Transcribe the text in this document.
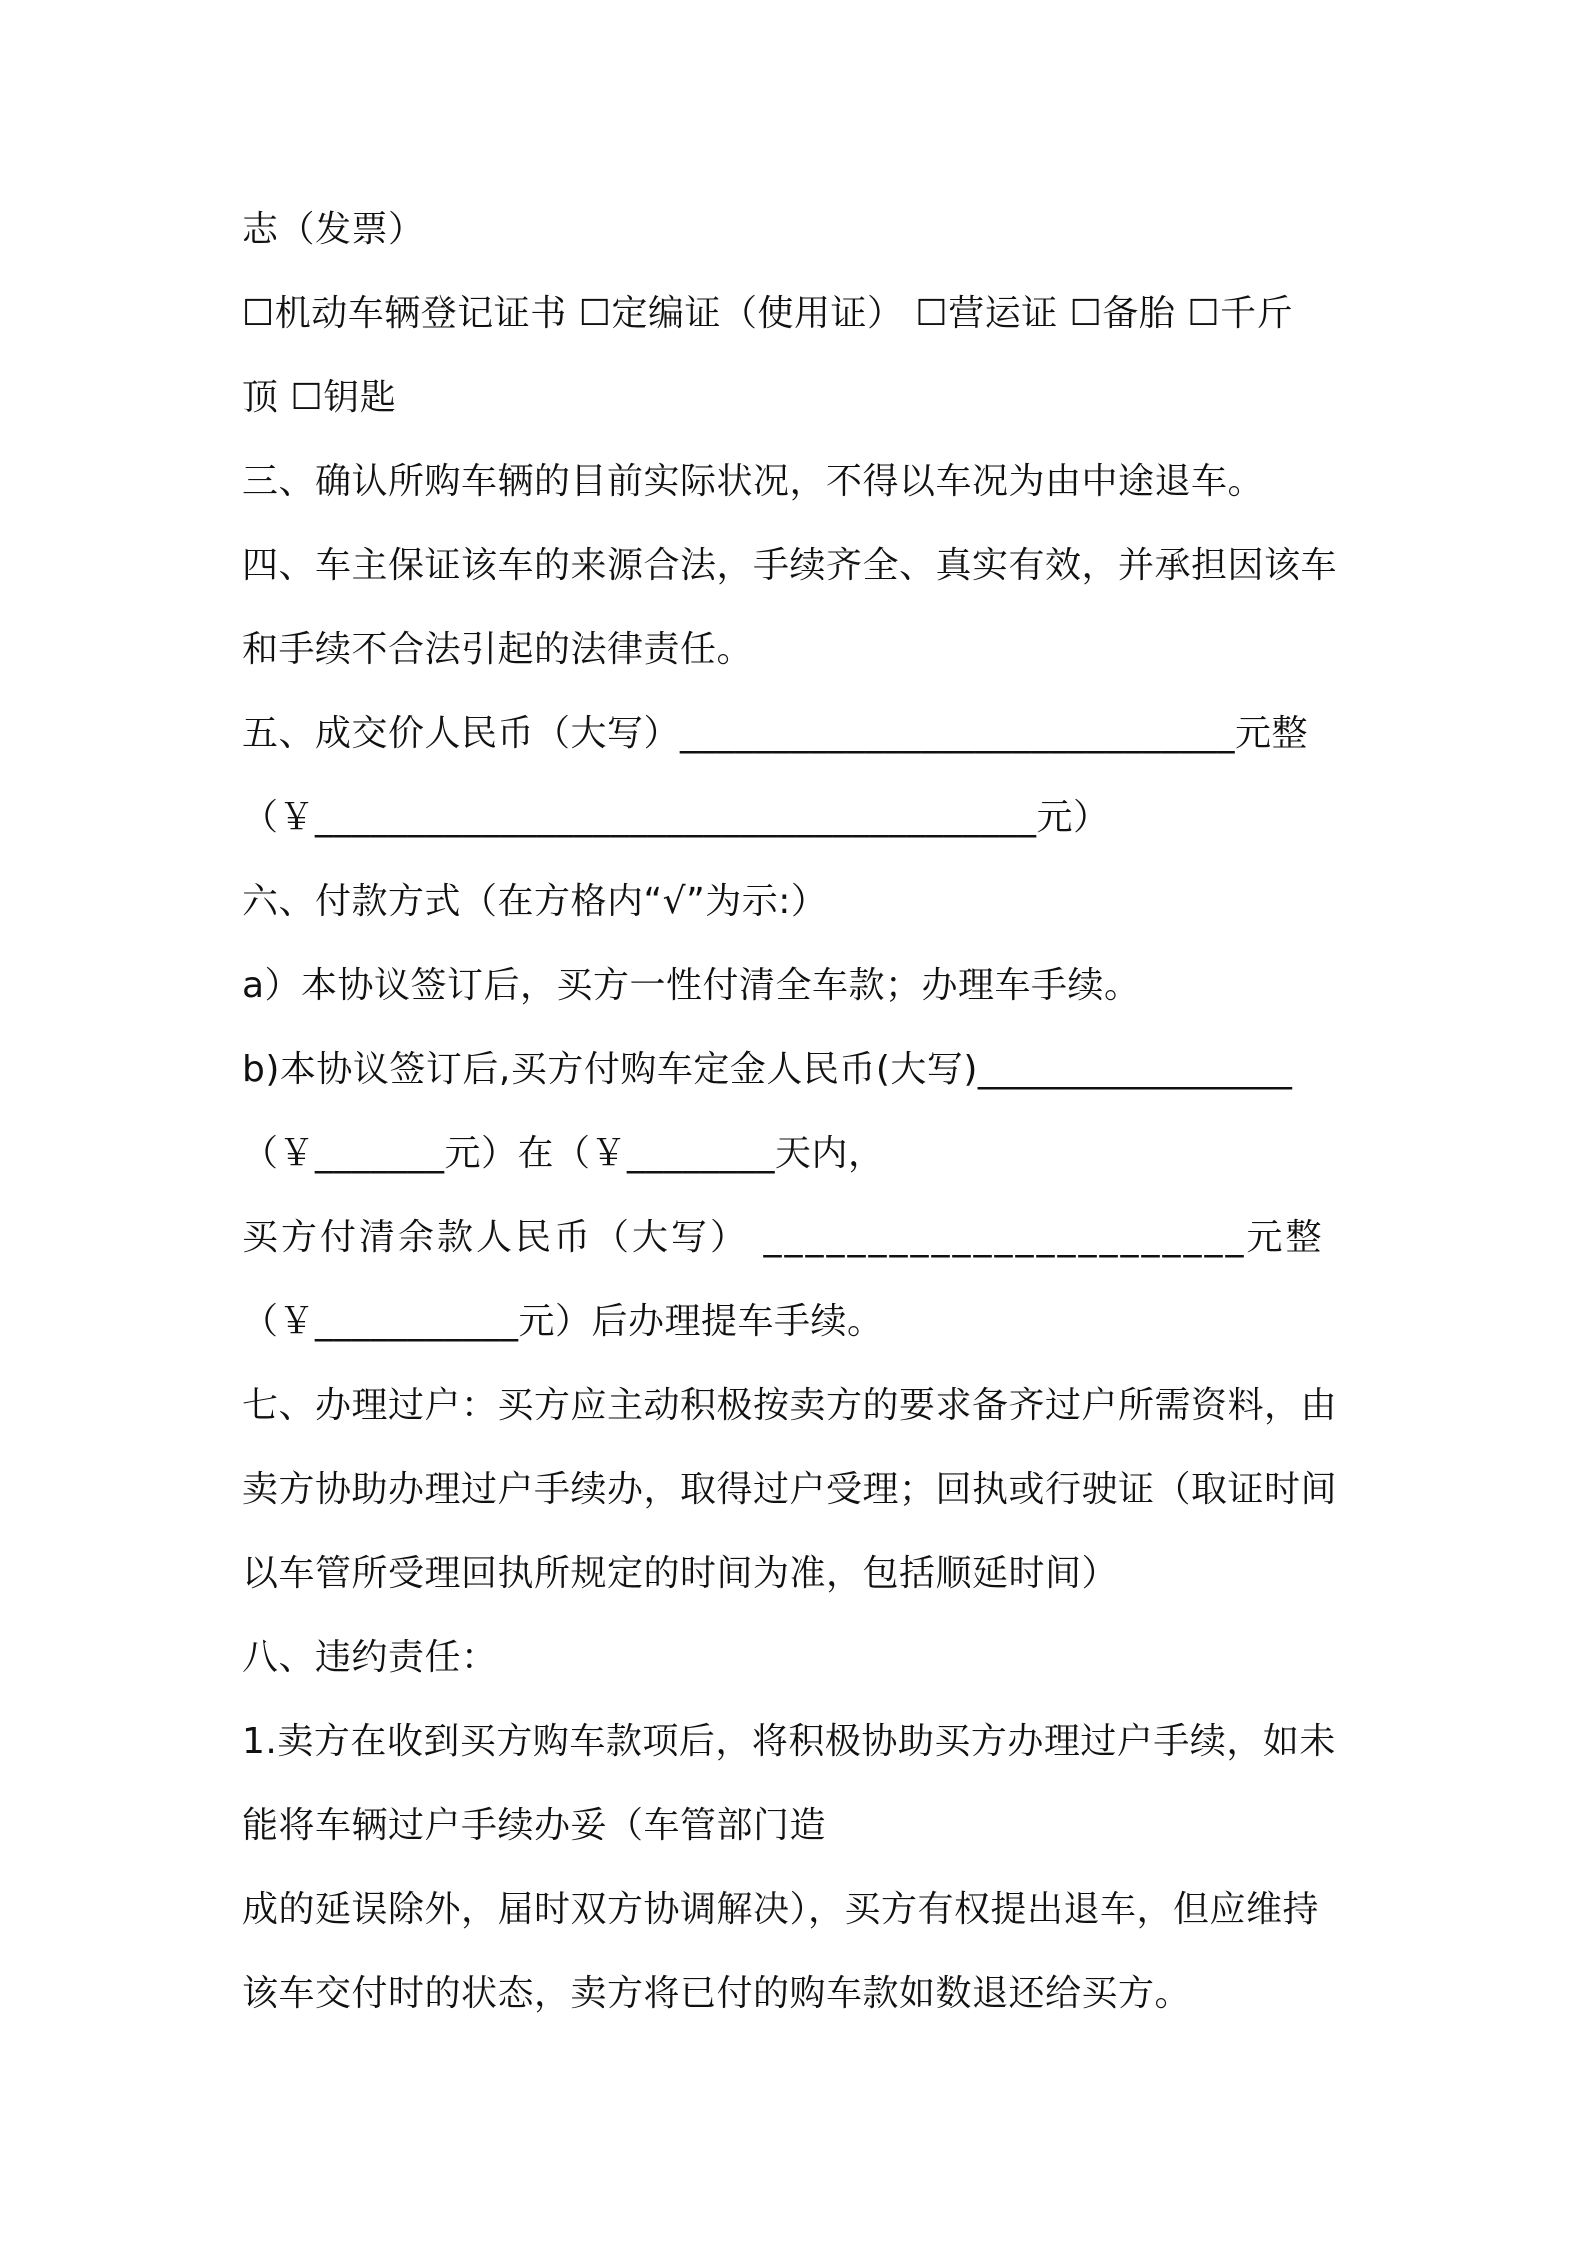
志（发票）
☐机动车辆登记证书 ☐定编证（使用证） ☐营运证 ☐备胎 ☐千斤
顶 ☐钥匙
三、确认所购车辆的目前实际状况，不得以车况为由中途退车。
四、车主保证该车的来源合法，手续齐全、真实有效，并承担因该车
和手续不合法引起的法律责任。
五、成交价人民币（大写）______________________________元整
（￥_______________________________________元）
六、付款方式（在方格内“√”为示:）
a）本协议签订后，买方一性付清全车款；办理车手续。
b)本协议签订后,买方付购车定金人民币(大写)_________________
（￥_______元）在（￥________天内，
买方付清余款人民币（大写） _______________________元整
（￥___________元）后办理提车手续。
七、办理过户：买方应主动积极按卖方的要求备齐过户所需资料，由
卖方协助办理过户手续办，取得过户受理；回执或行驶证（取证时间
以车管所受理回执所规定的时间为准，包括顺延时间）
八、违约责任：
1.卖方在收到买方购车款项后，将积极协助买方办理过户手续，如未
能将车辆过户手续办妥（车管部门造
成的延误除外，届时双方协调解决），买方有权提出退车，但应维持
该车交付时的状态，卖方将已付的购车款如数退还给买方。
